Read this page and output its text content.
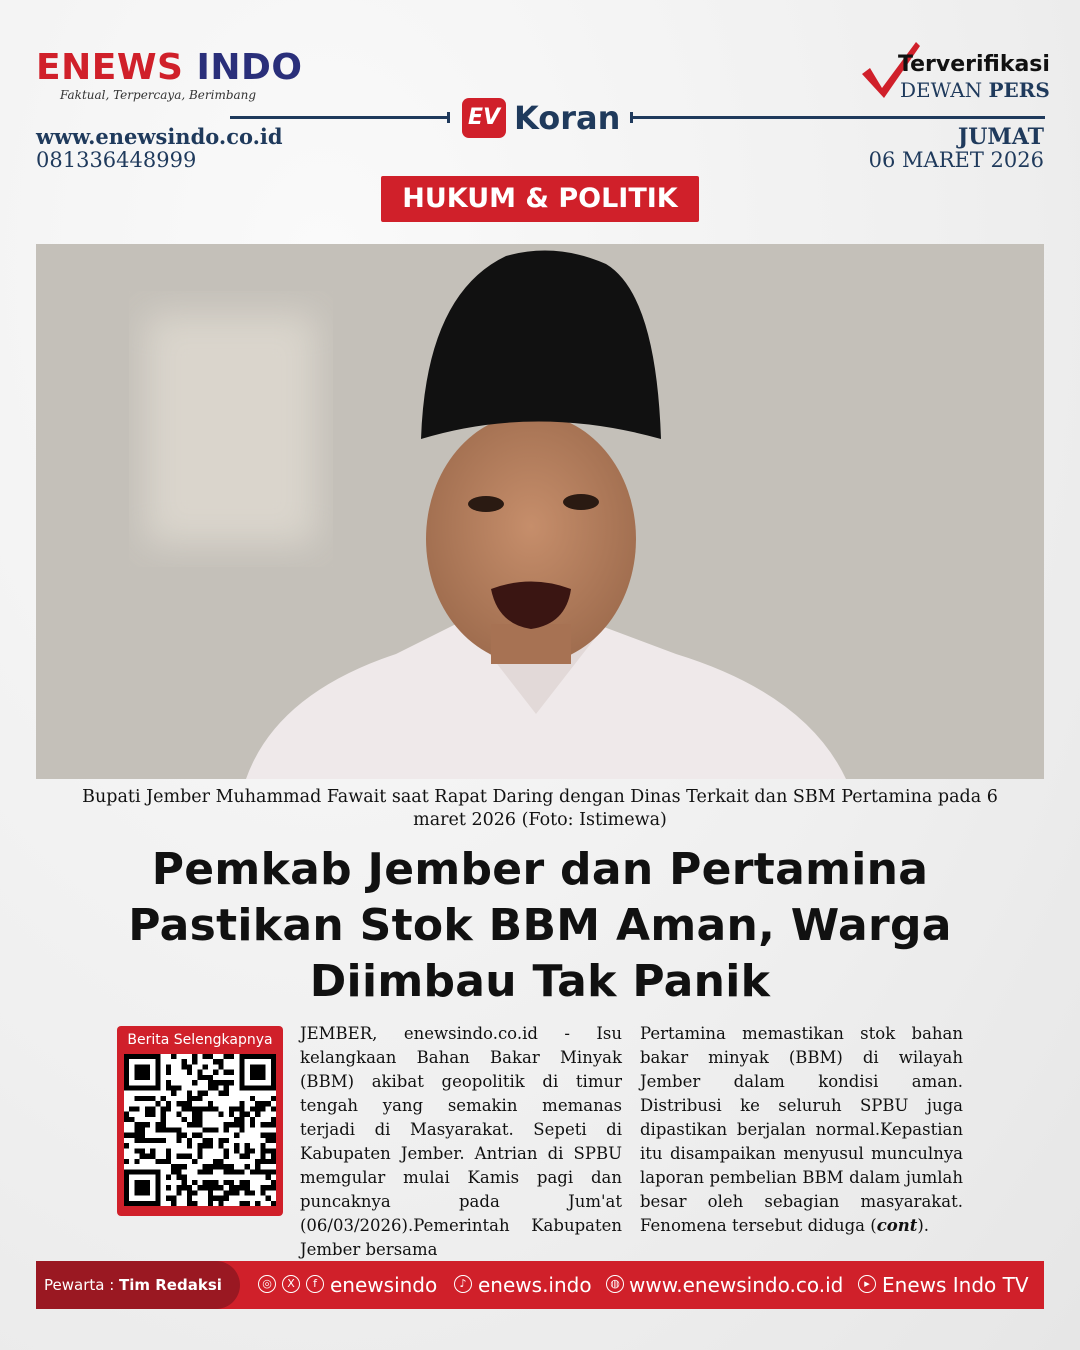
ENEWS INDO
Faktual, Terpercaya, Berimbang
www.enewsindo.co.id
081336448999
EV Koran
Terverifikasi
DEWAN PERS
JUMAT
06 MARET 2026
HUKUM & POLITIK
Bupati Jember Muhammad Fawait saat Rapat Daring dengan Dinas Terkait dan SBM Pertamina pada 6 maret 2026 (Foto: Istimewa)
Pemkab Jember dan Pertamina Pastikan Stok BBM Aman, Warga Diimbau Tak Panik
Berita Selengkapnya	JEMBER, enewsindo.co.id - Isu kelangkaan Bahan Bakar Minyak (BBM) akibat geopolitik di timur tengah yang semakin memanas terjadi di Masyarakat. Sepeti di Kabupaten Jember. Antrian di SPBU memgular mulai Kamis pagi dan puncaknya pada Jum'at (06/03/2026).Pemerintah Kabupaten Jember bersama
Pertamina memastikan stok bahan bakar minyak (BBM) di wilayah Jember dalam kondisi aman. Distribusi ke seluruh SPBU juga dipastikan berjalan normal.Kepastian itu disampaikan menyusul munculnya laporan pembelian BBM dalam jumlah besar oleh sebagian masyarakat. Fenomena tersebut diduga (cont).
Pewarta : Tim Redaksi	◎	X	f enewsindo	♪ enews.indo	◍ www.enewsindo.co.id	▸ Enews Indo TV
